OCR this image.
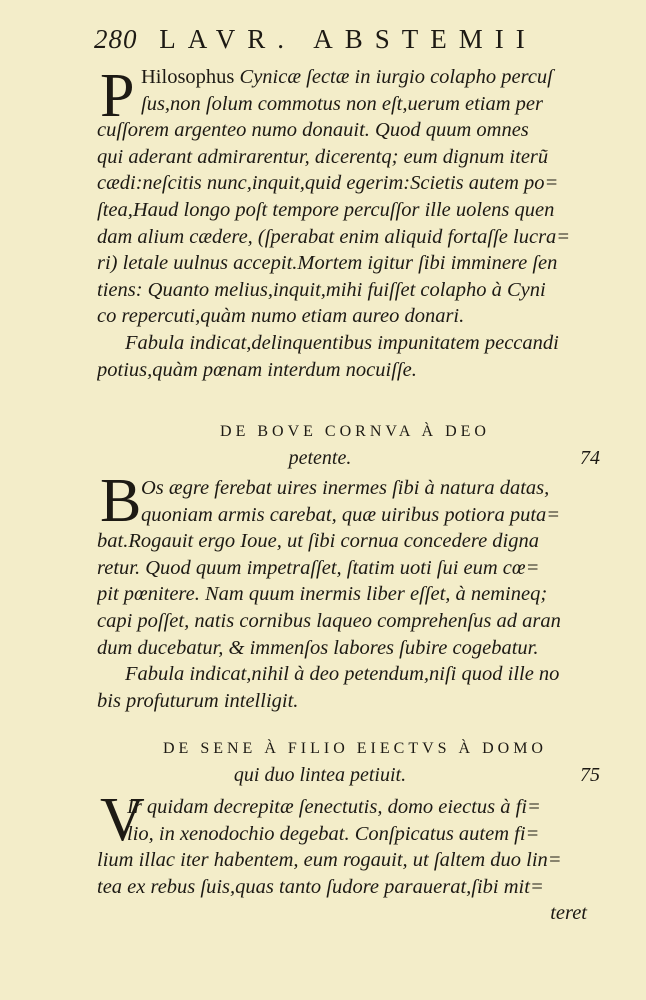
280 LAVR. ABSTEMII
P Hilosophus Cynicæ ſectæ in iurgio colapho percuſ
ſus,non ſolum commotus non eſt,uerum etiam per
cuſſorem argenteo numo donauit. Quod quum omnes
qui aderant admirarentur, dicerentq; eum dignum iterũ
cædi:neſcitis nunc,inquit,quid egerim:Scietis autem po=
ſtea,Haud longo poſt tempore percuſſor ille uolens quen
dam alium cædere, (ſperabat enim aliquid fortaſſe lucra=
ri) letale uulnus accepit.Mortem igitur ſibi imminere ſen
tiens: Quanto melius,inquit,mihi fuiſſet colapho à Cyni
co repercuti,quàm numo etiam aureo donari.
Fabula indicat,delinquentibus impunitatem peccandi
potius,quàm pœnam interdum nocuiſſe.
DE BOVE CORNVA À DEO
petente.	74
B Os ægre ferebat uires inermes ſibi à natura datas,
quoniam armis carebat, quæ uiribus potiora puta=
bat.Rogauit ergo Ioue, ut ſibi cornua concedere digna
retur. Quod quum impetraſſet, ſtatim uoti ſui eum cœ=
pit pœnitere. Nam quum inermis liber eſſet, à nemineq;
capi poſſet, natis cornibus laqueo comprehenſus ad aran
dum ducebatur, & immenſos labores ſubire cogebatur.
Fabula indicat,nihil à deo petendum,niſi quod ille no
bis profuturum intelligit.
DE SENE À FILIO EIECTVS À DOMO
qui duo lintea petiuit.	75
V
Ir quidam decrepitæ ſenectutis, domo eiectus à fi=
lio, in xenodochio degebat. Conſpicatus autem fi=
lium illac iter habentem, eum rogauit, ut ſaltem duo lin=
tea ex rebus ſuis,quas tanto ſudore parauerat,ſibi mit=
teret
